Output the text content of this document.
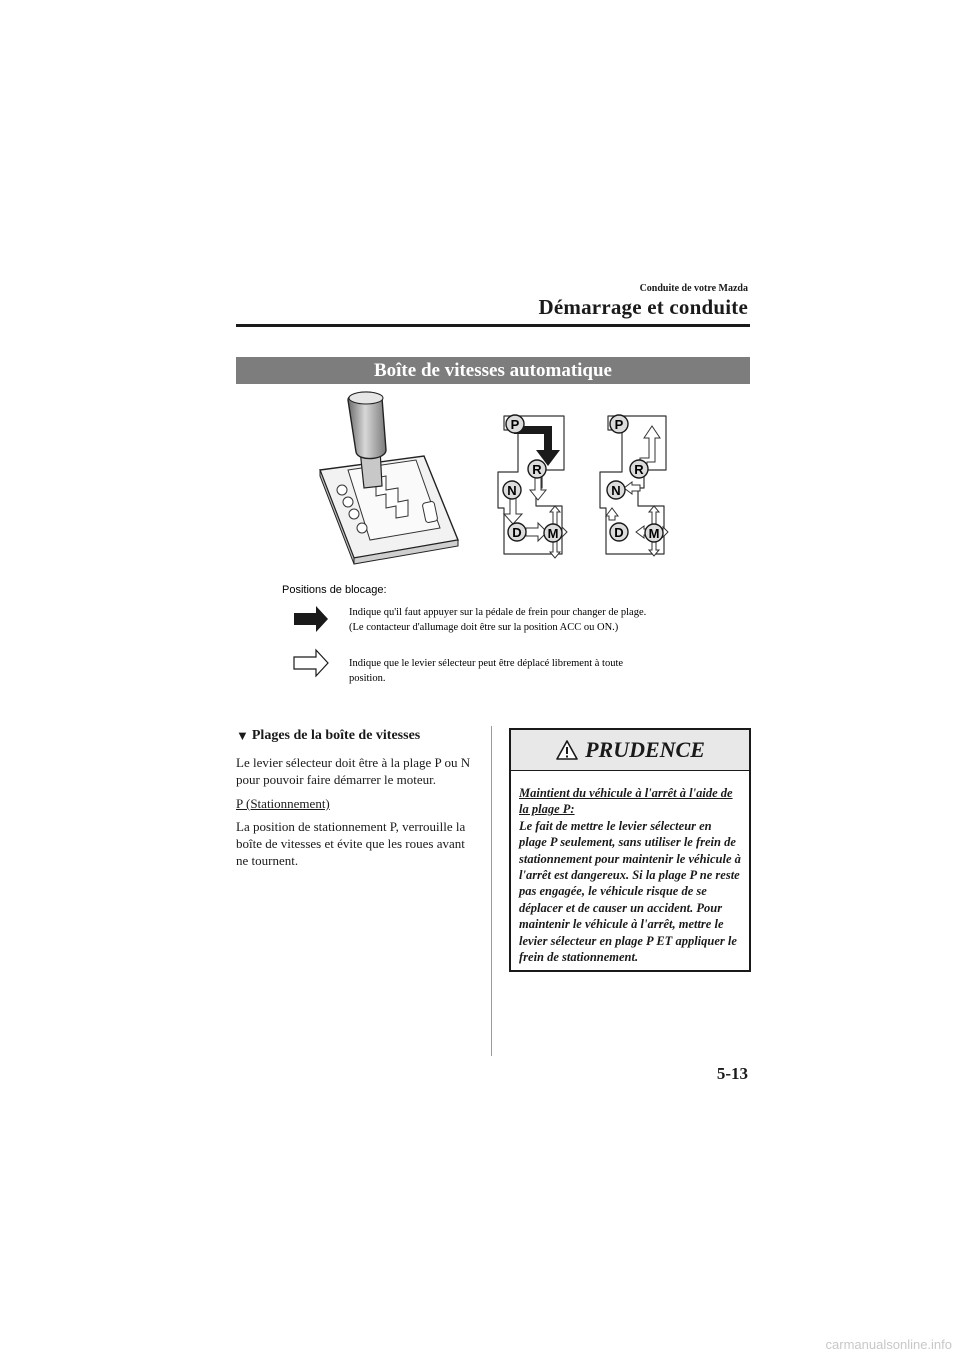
Conduite de votre Mazda
Démarrage et conduite
Boîte de vitesses automatique
P
R
N
D M
P
R
N
D M
Positions de blocage:
Indique qu'il faut appuyer sur la pédale de frein pour changer de plage.
(Le contacteur d'allumage doit être sur la position ACC ou ON.)
Indique que le levier sélecteur peut être déplacé librement à toute
position.
▼ Plages de la boîte de vitesses

Le levier sélecteur doit être à la plage P ou N pour pouvoir faire démarrer le moteur.

P (Stationnement)

La position de stationnement P, verrouille la boîte de vitesses et évite que les roues avant ne tournent.

PRUDENCE
Maintient du véhicule à l'arrêt à l'aide de la plage P:
Le fait de mettre le levier sélecteur en plage P seulement, sans utiliser le frein de stationnement pour maintenir le véhicule à l'arrêt est dangereux. Si la plage P ne reste pas engagée, le véhicule risque de se déplacer et de causer un accident. Pour maintenir le véhicule à l'arrêt, mettre le levier sélecteur en plage P ET appliquer le frein de stationnement.
5-13
carmanualsonline.info
